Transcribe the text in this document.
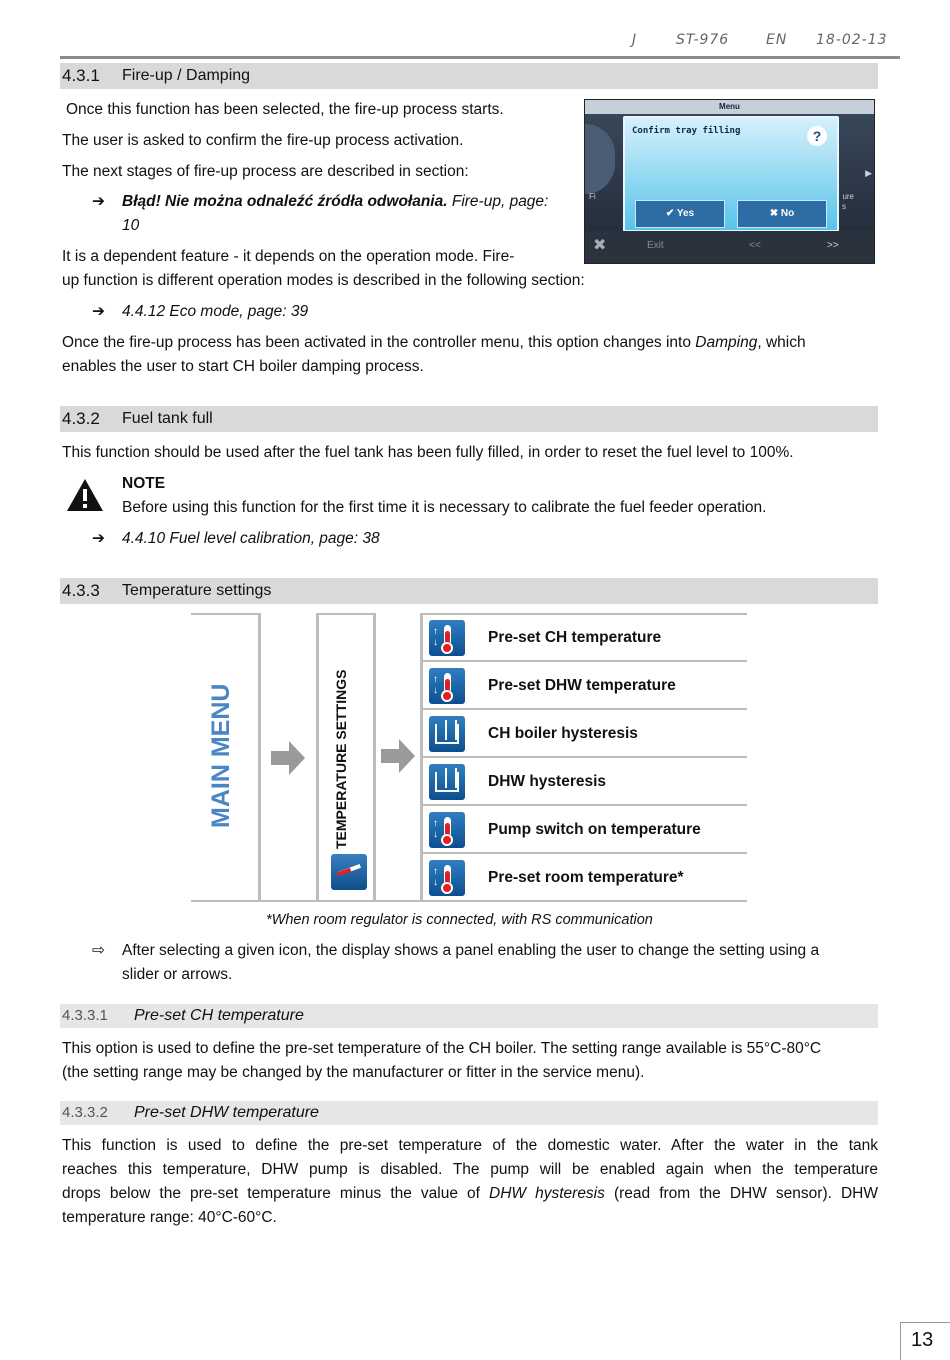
J	ST-976	EN 18-02-13
4.3.1 Fire-up / Damping
Once this function has been selected, the fire-up process starts.
The user is asked to confirm the fire-up process activation.
The next stages of fire-up process are described in section:
➔ Błąd! Nie można odnaleźć źródła odwołania. Fire-up, page:
10
It is a dependent feature - it depends on the operation mode. Fire-
up function is different operation modes is described in the following section:
➔ 4.4.12 Eco mode, page: 39
Once the fire-up process has been activated in the controller menu, this option changes into Damping, which
enables the user to start CH boiler damping process.
Menu
Fi	ure
s
▶
Confirm tray filling	?
✔ Yes	✖ No
✖	Exit	<<	>>
4.3.2 Fuel tank full
This function should be used after the fuel tank has been fully filled, in order to reset the fuel level to 100%.
NOTE
Before using this function for the first time it is necessary to calibrate the fuel feeder operation.
➔ 4.4.10 Fuel level calibration, page: 38
4.3.3 Temperature settings
MAIN MENU	TEMPERATURE SETTINGS
↑
↓	Pre-set CH temperature
↑
↓	Pre-set DHW temperature
CH boiler hysteresis
DHW hysteresis
↑
↓	Pump switch on temperature
↑
↓	Pre-set room temperature*
*When room regulator is connected, with RS communication
⇨ After selecting a given icon, the display shows a panel enabling the user to change the setting using a
slider or arrows.
4.3.3.1 Pre-set CH temperature
This option is used to define the pre-set temperature of the CH boiler. The setting range available is 55°C-80°C
(the setting range may be changed by the manufacturer or fitter in the service menu).
4.3.3.2 Pre-set DHW temperature
This function is used to define the pre-set temperature of the domestic water. After the water in the tank
reaches this temperature, DHW pump is disabled. The pump will be enabled again when the temperature
drops below the pre-set temperature minus the value of DHW hysteresis (read from the DHW sensor). DHW
temperature range: 40°C-60°C.
13
